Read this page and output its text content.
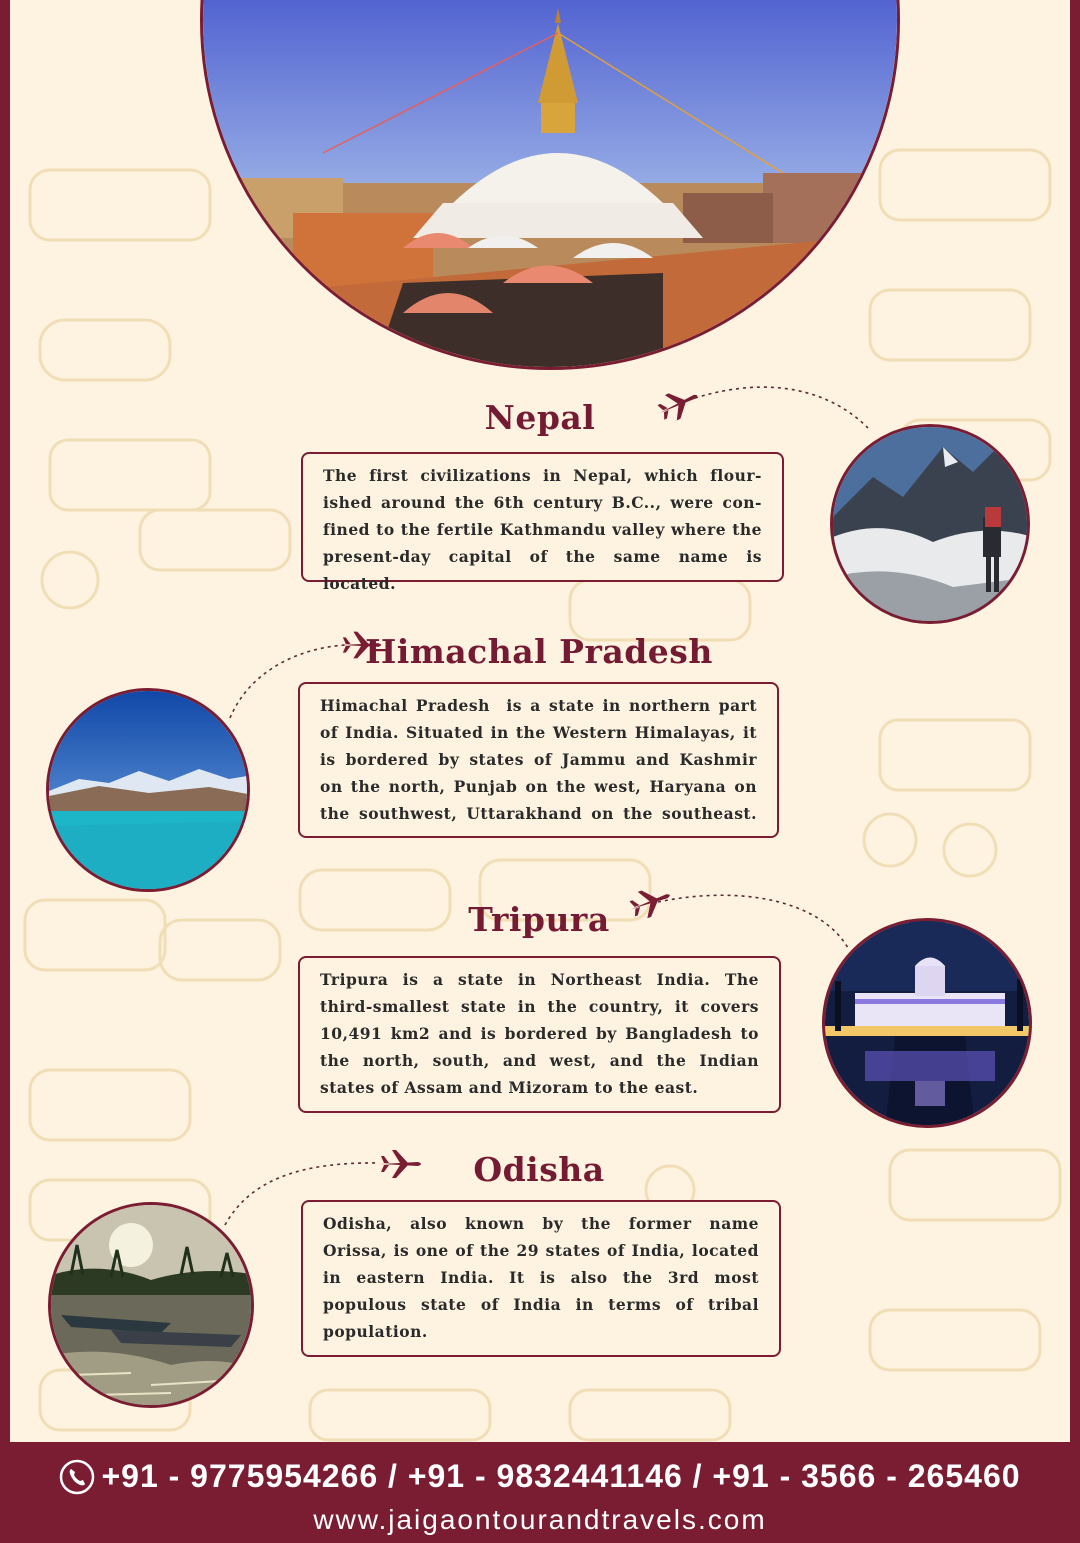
Nepal
The first civilizations in Nepal, which flour-
ished around the 6th century B.C.., were con-
fined to the fertile Kathmandu valley where the
present-day capital of the same name is located.
Himachal Pradesh
Himachal Pradesh  is a state in northern part
of India. Situated in the Western Himalayas, it
is bordered by states of Jammu and Kashmir
on the north, Punjab on the west, Haryana on
the southwest, Uttarakhand on the southeast.
Tripura
Tripura is a state in Northeast India. The
third-smallest state in the country, it covers
10,491 km2 and is bordered by Bangladesh to
the north, south, and west, and the Indian
states of Assam and Mizoram to the east.
Odisha
Odisha, also known by the former name
Orissa, is one of the 29 states of India, located
in eastern India. It is also the 3rd most
populous state of India in terms of tribal
population.
+91 - 9775954266 / +91 - 9832441146 / +91 - 3566 - 265460
www.jaigaontourandtravels.com
